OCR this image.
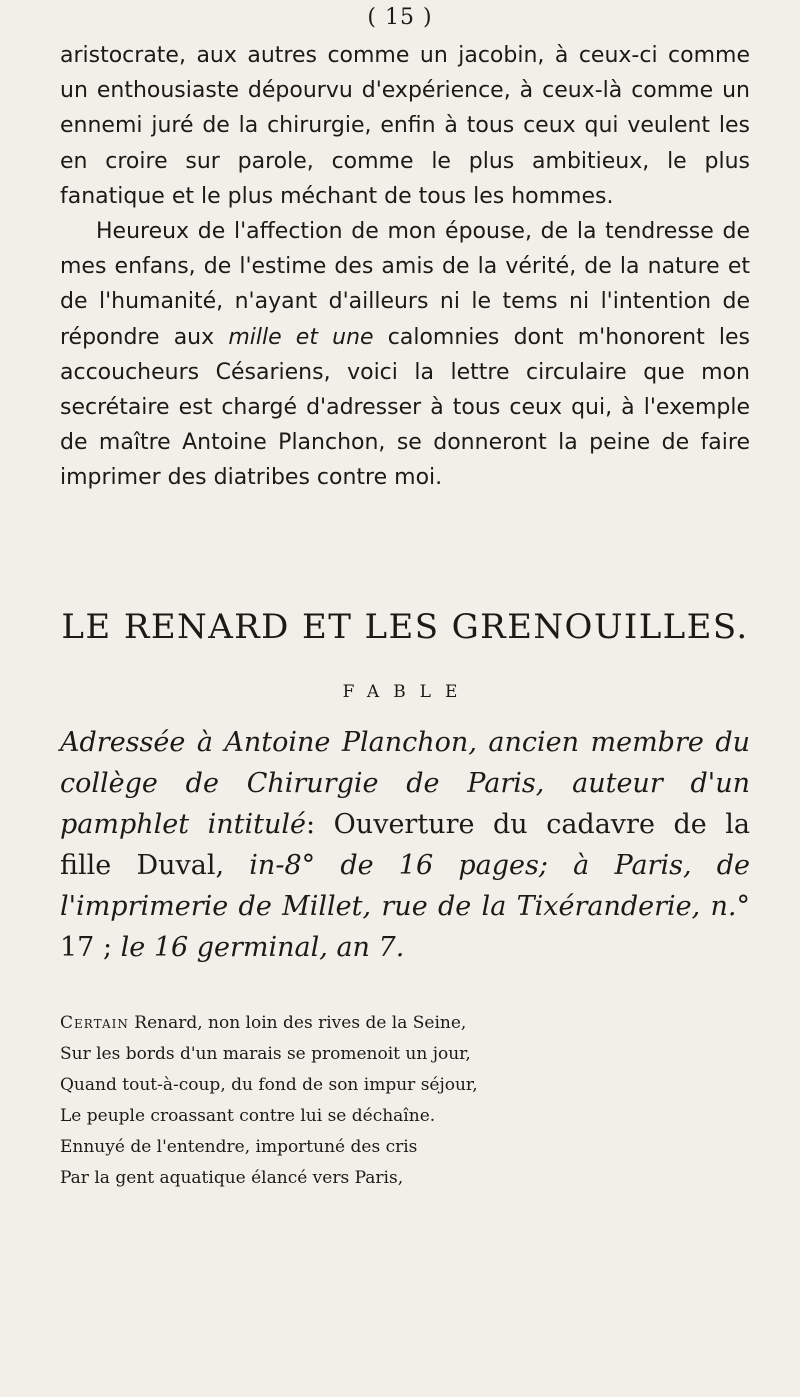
( 15 )

aristocrate, aux autres comme un jacobin, à ceux-ci comme un enthousiaste dépourvu d'expérience, à ceux-là comme un ennemi juré de la chirurgie, enfin à tous ceux qui veulent les en croire sur parole, comme le plus ambitieux, le plus fanatique et le plus méchant de tous les hommes.

Heureux de l'affection de mon épouse, de la tendresse de mes enfans, de l'estime des amis de la vérité, de la nature et de l'humanité, n'ayant d'ailleurs ni le tems ni l'intention de répondre aux mille et une calomnies dont m'honorent les accoucheurs Césariens, voici la lettre circulaire que mon secrétaire est chargé d'adresser à tous ceux qui, à l'exemple de maître Antoine Planchon, se donneront la peine de faire imprimer des diatribes contre moi.

LE RENARD ET LES GRENOUILLES.
FABLE
Adressée à Antoine Planchon, ancien membre du collège de Chirurgie de Paris, auteur d'un pamphlet intitulé: Ouverture du cadavre de la fille Duval, in-8° de 16 pages; à Paris, de l'imprimerie de Millet, rue de la Tixéranderie, n.° 17 ; le 16 germinal, an 7.
Certain Renard, non loin des rives de la Seine,
Sur les bords d'un marais se promenoit un jour,
Quand tout-à-coup, du fond de son impur séjour,
Le peuple croassant contre lui se déchaîne.
Ennuyé de l'entendre, importuné des cris
Par la gent aquatique élancé vers Paris,
